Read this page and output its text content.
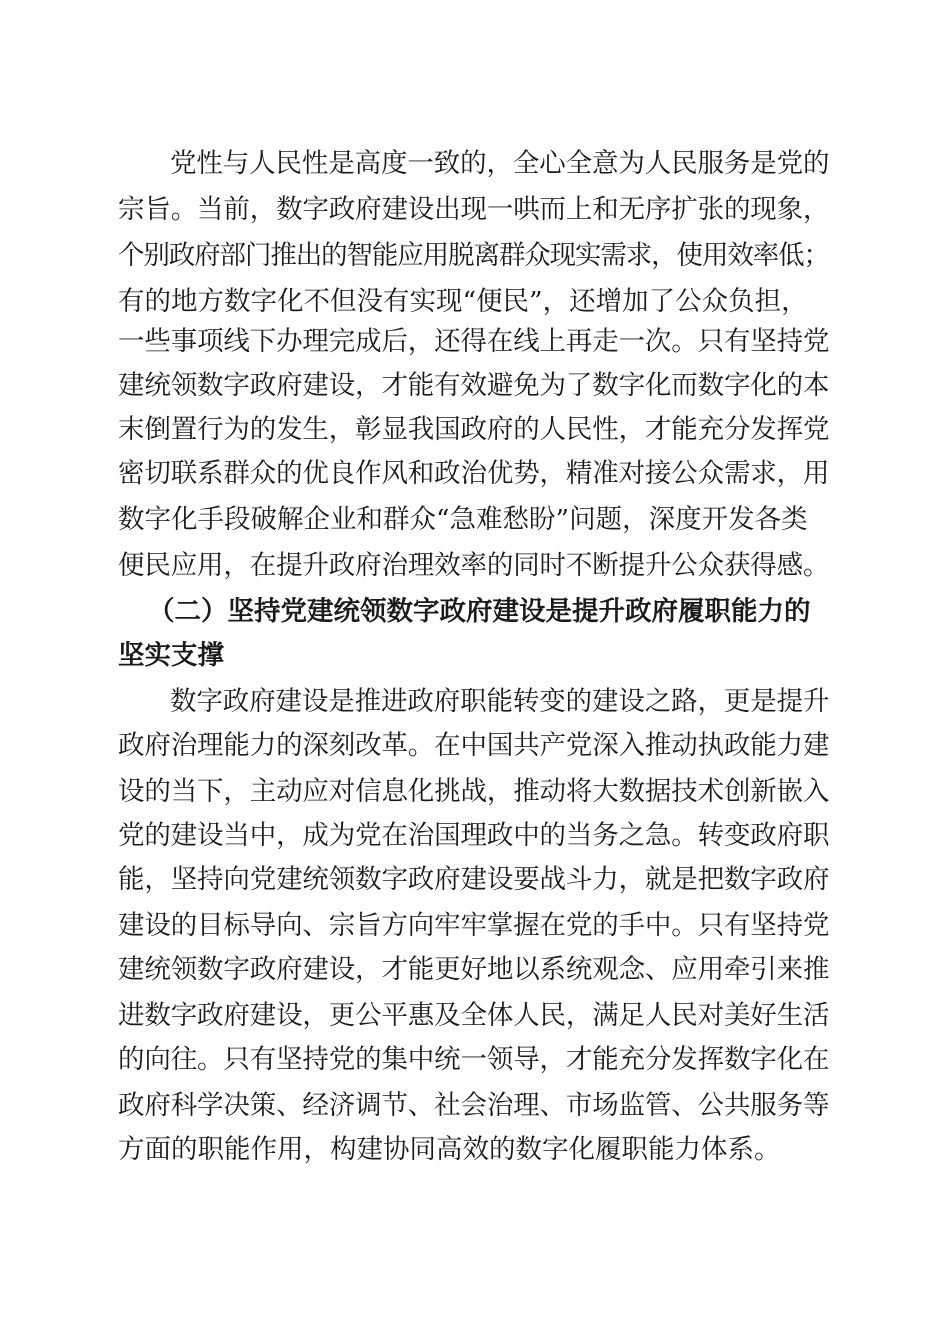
党性与人民性是高度一致的，全心全意为人民服务是党的
宗旨。当前，数字政府建设出现一哄而上和无序扩张的现象，
个别政府部门推出的智能应用脱离群众现实需求，使用效率低；
有的地方数字化不但没有实现“便民”，还增加了公众负担，
一些事项线下办理完成后，还得在线上再走一次。只有坚持党
建统领数字政府建设，才能有效避免为了数字化而数字化的本
末倒置行为的发生，彰显我国政府的人民性，才能充分发挥党
密切联系群众的优良作风和政治优势，精准对接公众需求，用
数字化手段破解企业和群众“急难愁盼”问题，深度开发各类
便民应用，在提升政府治理效率的同时不断提升公众获得感。
（二）坚持党建统领数字政府建设是提升政府履职能力的
坚实支撑
数字政府建设是推进政府职能转变的建设之路，更是提升
政府治理能力的深刻改革。在中国共产党深入推动执政能力建
设的当下，主动应对信息化挑战，推动将大数据技术创新嵌入
党的建设当中，成为党在治国理政中的当务之急。转变政府职
能，坚持向党建统领数字政府建设要战斗力，就是把数字政府
建设的目标导向、宗旨方向牢牢掌握在党的手中。只有坚持党
建统领数字政府建设，才能更好地以系统观念、应用牵引来推
进数字政府建设，更公平惠及全体人民，满足人民对美好生活
的向往。只有坚持党的集中统一领导，才能充分发挥数字化在
政府科学决策、经济调节、社会治理、市场监管、公共服务等
方面的职能作用，构建协同高效的数字化履职能力体系。
